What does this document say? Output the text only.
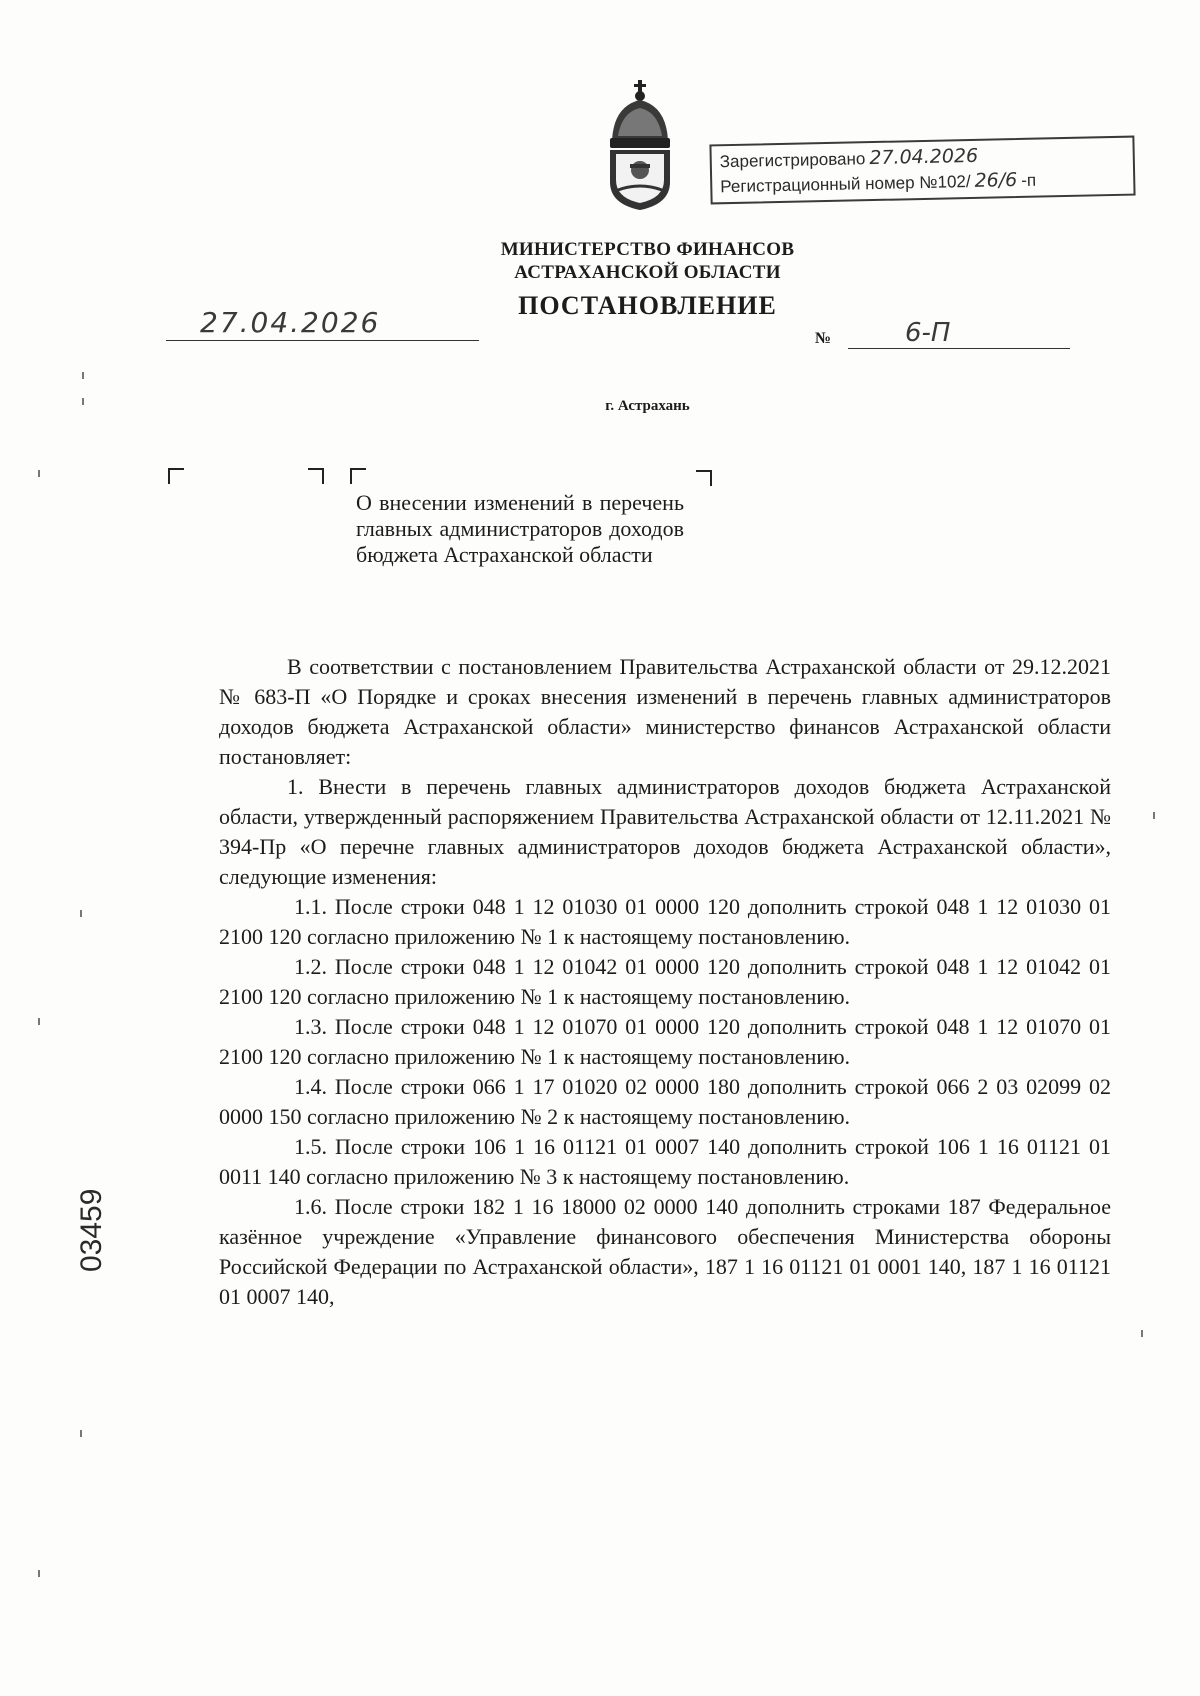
Зарегистрировано 27.04.2026
Регистрационный номер №102/ 26/6 -п
МИНИСТЕРСТВО ФИНАНСОВ
АСТРАХАНСКОЙ ОБЛАСТИ
ПОСТАНОВЛЕНИЕ
27.04.2026	№	6-П
г. Астрахань
О внесении изменений в перечень главных администраторов доходов бюджета Астраханской области

В соответствии с постановлением Правительства Астраханской области от 29.12.2021 № 683-П «О Порядке и сроках внесения изменений в перечень главных администраторов доходов бюджета Астраханской области» министерство финансов Астраханской области постановляет:

1. Внести в перечень главных администраторов доходов бюджета Астраханской области, утвержденный распоряжением Правительства Астраханской области от 12.11.2021 № 394-Пр «О перечне главных администраторов доходов бюджета Астраханской области», следующие изменения:

1.1. После строки 048 1 12 01030 01 0000 120 дополнить строкой 048 1 12 01030 01 2100 120 согласно приложению № 1 к настоящему постановлению.

1.2. После строки 048 1 12 01042 01 0000 120 дополнить строкой 048 1 12 01042 01 2100 120 согласно приложению № 1 к настоящему постановлению.

1.3. После строки 048 1 12 01070 01 0000 120 дополнить строкой 048 1 12 01070 01 2100 120 согласно приложению № 1 к настоящему постановлению.

1.4. После строки 066 1 17 01020 02 0000 180 дополнить строкой 066 2 03 02099 02 0000 150 согласно приложению № 2 к настоящему постановлению.

1.5. После строки 106 1 16 01121 01 0007 140 дополнить строкой 106 1 16 01121 01 0011 140 согласно приложению № 3 к настоящему постановлению.

1.6. После строки 182 1 16 18000 02 0000 140 дополнить строками 187 Федеральное казённое учреждение «Управление финансового обеспечения Министерства обороны Российской Федерации по Астраханской области», 187 1 16 01121 01 0001 140, 187 1 16 01121 01 0007 140,

03459
